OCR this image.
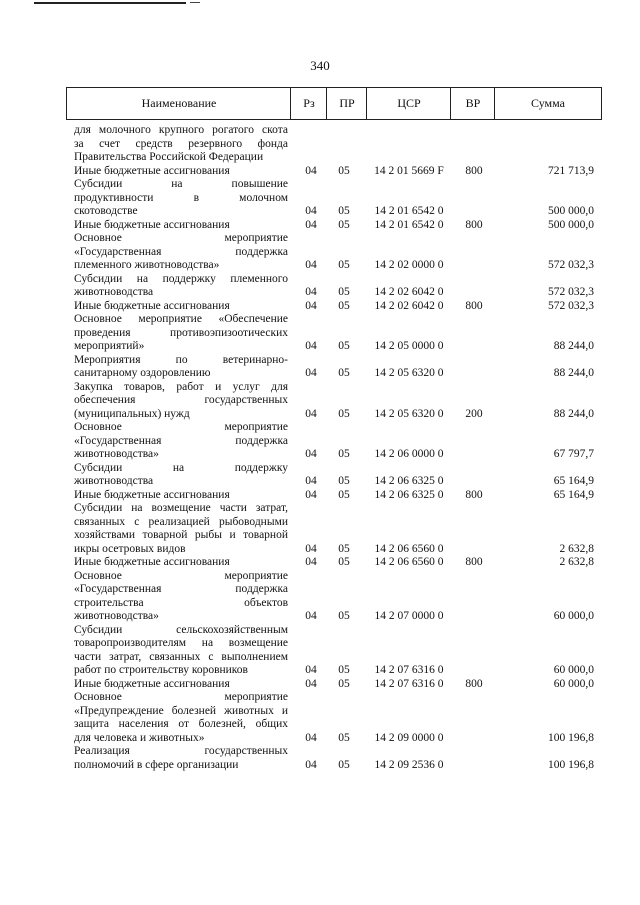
340
Наименование	Рз	ПР	ЦСР	ВР	Сумма
для молочного крупного рогатого скота
за счет средств резервного фонда
Правительства Российской Федерации
Иные бюджетные ассигнования	04	05	14 2 01 5669 F	800	721 713,9
Субсидии на повышение
продуктивности в молочном
скотоводстве	04	05	14 2 01 6542 0	500 000,0
Иные бюджетные ассигнования	04	05	14 2 01 6542 0	800	500 000,0
Основное мероприятие
«Государственная поддержка
племенного животноводства»	04	05	14 2 02 0000 0	572 032,3
Субсидии на поддержку племенного
животноводства	04	05	14 2 02 6042 0	572 032,3
Иные бюджетные ассигнования	04	05	14 2 02 6042 0	800	572 032,3
Основное мероприятие «Обеспечение
проведения противоэпизоотических
мероприятий»	04	05	14 2 05 0000 0	88 244,0
Мероприятия по ветеринарно-
санитарному оздоровлению	04	05	14 2 05 6320 0	88 244,0
Закупка товаров, работ и услуг для
обеспечения государственных
(муниципальных) нужд	04	05	14 2 05 6320 0	200	88 244,0
Основное мероприятие
«Государственная поддержка
животноводства»	04	05	14 2 06 0000 0	67 797,7
Субсидии на поддержку
животноводства	04	05	14 2 06 6325 0	65 164,9
Иные бюджетные ассигнования	04	05	14 2 06 6325 0	800	65 164,9
Субсидии на возмещение части затрат,
связанных с реализацией рыбоводными
хозяйствами товарной рыбы и товарной
икры осетровых видов	04	05	14 2 06 6560 0	2 632,8
Иные бюджетные ассигнования	04	05	14 2 06 6560 0	800	2 632,8
Основное мероприятие
«Государственная поддержка
строительства объектов
животноводства»	04	05	14 2 07 0000 0	60 000,0
Субсидии сельскохозяйственным
товаропроизводителям на возмещение
части затрат, связанных с выполнением
работ по строительству коровников	04	05	14 2 07 6316 0	60 000,0
Иные бюджетные ассигнования	04	05	14 2 07 6316 0	800	60 000,0
Основное мероприятие
«Предупреждение болезней животных и
защита населения от болезней, общих
для человека и животных»	04	05	14 2 09 0000 0	100 196,8
Реализация государственных
полномочий в сфере организации	04	05	14 2 09 2536 0	100 196,8
